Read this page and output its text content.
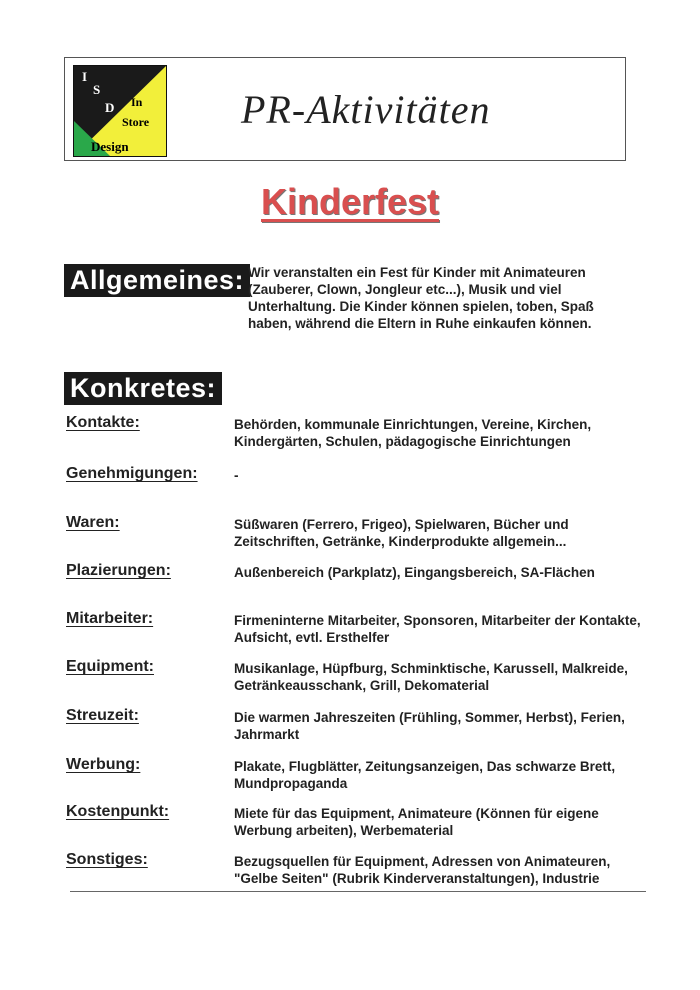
I
S
D In
Store
Design
PR-Aktivitäten
Kinderfest
Allgemeines: Wir veranstalten ein Fest für Kinder mit Animateuren (Zauberer, Clown, Jongleur etc...), Musik und viel Unterhaltung. Die Kinder können spielen, toben, Spaß haben, während die Eltern in Ruhe einkaufen können.
Konkretes:
Kontakte:	Behörden, kommunale Einrichtungen, Vereine, Kirchen, Kindergärten, Schulen, pädagogische Einrichtungen
Genehmigungen:	-
Waren:	Süßwaren (Ferrero, Frigeo), Spielwaren, Bücher und Zeitschriften, Getränke, Kinderprodukte allgemein...
Plazierungen:	Außenbereich (Parkplatz), Eingangsbereich, SA-Flächen
Mitarbeiter:	Firmeninterne Mitarbeiter, Sponsoren, Mitarbeiter der Kontakte, Aufsicht, evtl. Ersthelfer
Equipment:	Musikanlage, Hüpfburg, Schminktische, Karussell, Malkreide, Getränkeausschank, Grill, Dekomaterial
Streuzeit:	Die warmen Jahreszeiten (Frühling, Sommer, Herbst), Ferien, Jahrmarkt
Werbung:	Plakate, Flugblätter, Zeitungsanzeigen, Das schwarze Brett, Mundpropaganda
Kostenpunkt:	Miete für das Equipment, Animateure (Können für eigene Werbung arbeiten), Werbematerial
Sonstiges:	Bezugsquellen für Equipment, Adressen von Animateuren, "Gelbe Seiten" (Rubrik Kinderveranstaltungen), Industrie
